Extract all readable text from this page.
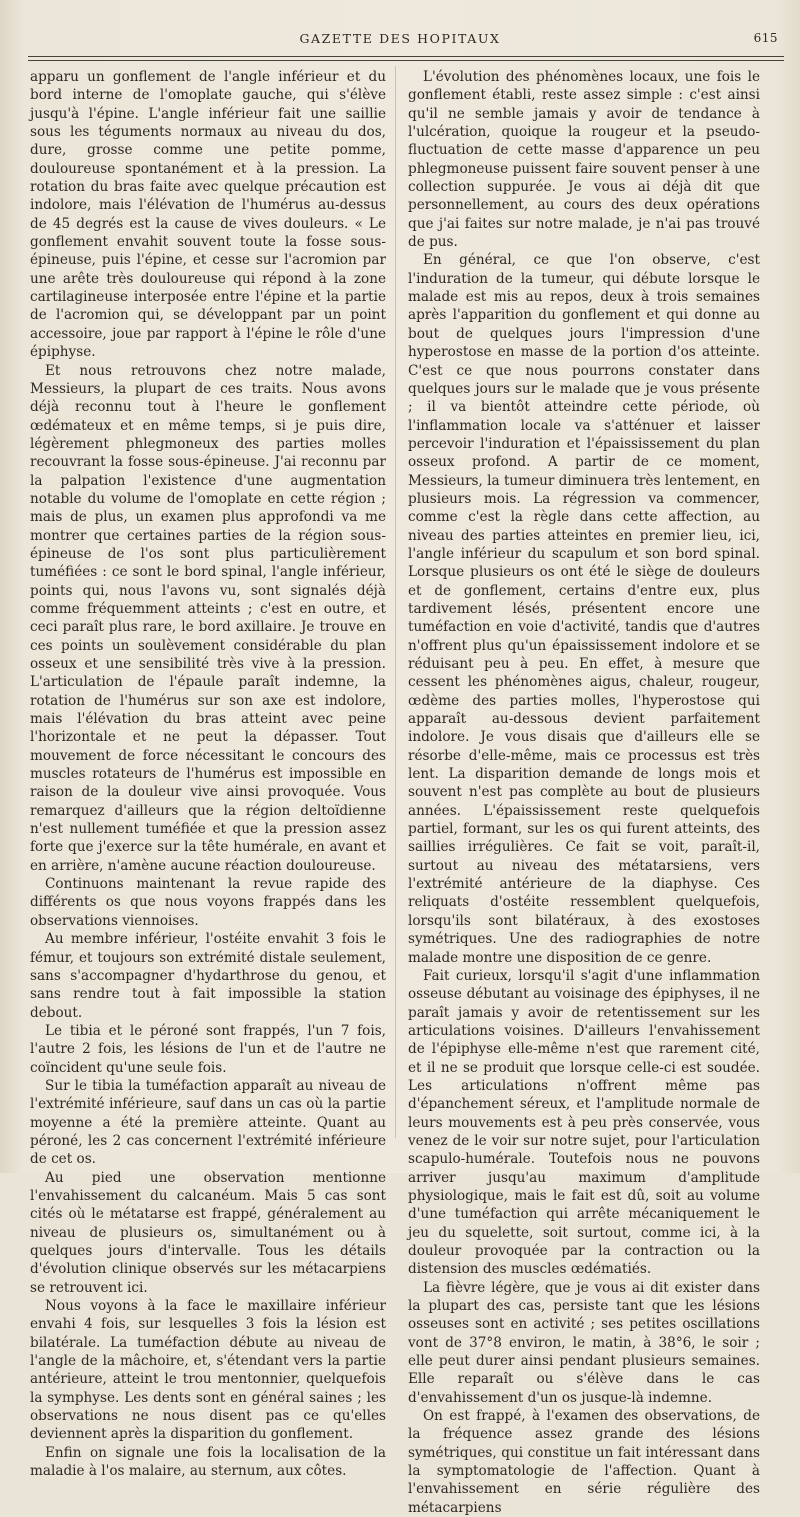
GAZETTE DES HOPITAUX	615

apparu un gonflement de l'angle inférieur et du bord interne de l'omoplate gauche, qui s'élève jusqu'à l'épine. L'angle inférieur fait une saillie sous les téguments normaux au niveau du dos, dure, grosse comme une petite pomme, douloureuse spontanément et à la pression. La rotation du bras faite avec quelque précaution est indolore, mais l'élévation de l'humérus au-dessus de 45 degrés est la cause de vives douleurs. « Le gonflement envahit souvent toute la fosse sous-épineuse, puis l'épine, et cesse sur l'acromion par une arête très douloureuse qui répond à la zone cartilagineuse interposée entre l'épine et la partie de l'acromion qui, se développant par un point accessoire, joue par rapport à l'épine le rôle d'une épiphyse.

Et nous retrouvons chez notre malade, Messieurs, la plupart de ces traits. Nous avons déjà reconnu tout à l'heure le gonflement œdémateux et en même temps, si je puis dire, légèrement phlegmoneux des parties molles recouvrant la fosse sous-épineuse. J'ai reconnu par la palpation l'existence d'une augmentation notable du volume de l'omoplate en cette région ; mais de plus, un examen plus approfondi va me montrer que certaines parties de la région sous-épineuse de l'os sont plus particulièrement tuméfiées : ce sont le bord spinal, l'angle inférieur, points qui, nous l'avons vu, sont signalés déjà comme fréquemment atteints ; c'est en outre, et ceci paraît plus rare, le bord axillaire. Je trouve en ces points un soulèvement considérable du plan osseux et une sensibilité très vive à la pression. L'articulation de l'épaule paraît indemne, la rotation de l'humérus sur son axe est indolore, mais l'élévation du bras atteint avec peine l'horizontale et ne peut la dépasser. Tout mouvement de force nécessitant le concours des muscles rotateurs de l'humérus est impossible en raison de la douleur vive ainsi provoquée. Vous remarquez d'ailleurs que la région deltoïdienne n'est nullement tuméfiée et que la pression assez forte que j'exerce sur la tête humérale, en avant et en arrière, n'amène aucune réaction douloureuse.

Continuons maintenant la revue rapide des différents os que nous voyons frappés dans les observations viennoises.

Au membre inférieur, l'ostéite envahit 3 fois le fémur, et toujours son extrémité distale seulement, sans s'accompagner d'hydarthrose du genou, et sans rendre tout à fait impossible la station debout.

Le tibia et le péroné sont frappés, l'un 7 fois, l'autre 2 fois, les lésions de l'un et de l'autre ne coïncident qu'une seule fois.

Sur le tibia la tuméfaction apparaît au niveau de l'extrémité inférieure, sauf dans un cas où la partie moyenne a été la première atteinte. Quant au péroné, les 2 cas concernent l'extrémité inférieure de cet os.

Au pied une observation mentionne l'envahissement du calcanéum. Mais 5 cas sont cités où le métatarse est frappé, généralement au niveau de plusieurs os, simultanément ou à quelques jours d'intervalle. Tous les détails d'évolution clinique observés sur les métacarpiens se retrouvent ici.

Nous voyons à la face le maxillaire inférieur envahi 4 fois, sur lesquelles 3 fois la lésion est bilatérale. La tuméfaction débute au niveau de l'angle de la mâchoire, et, s'étendant vers la partie antérieure, atteint le trou mentonnier, quelquefois la symphyse. Les dents sont en général saines ; les observations ne nous disent pas ce qu'elles deviennent après la disparition du gonflement.

Enfin on signale une fois la localisation de la maladie à l'os malaire, au sternum, aux côtes.

L'évolution des phénomènes locaux, une fois le gonflement établi, reste assez simple : c'est ainsi qu'il ne semble jamais y avoir de tendance à l'ulcération, quoique la rougeur et la pseudo-fluctuation de cette masse d'apparence un peu phlegmoneuse puissent faire souvent penser à une collection suppurée. Je vous ai déjà dit que personnellement, au cours des deux opérations que j'ai faites sur notre malade, je n'ai pas trouvé de pus.

En général, ce que l'on observe, c'est l'induration de la tumeur, qui débute lorsque le malade est mis au repos, deux à trois semaines après l'apparition du gonflement et qui donne au bout de quelques jours l'impression d'une hyperostose en masse de la portion d'os atteinte. C'est ce que nous pourrons constater dans quelques jours sur le malade que je vous présente ; il va bientôt atteindre cette période, où l'inflammation locale va s'atténuer et laisser percevoir l'induration et l'épaississement du plan osseux profond. A partir de ce moment, Messieurs, la tumeur diminuera très lentement, en plusieurs mois. La régression va commencer, comme c'est la règle dans cette affection, au niveau des parties atteintes en premier lieu, ici, l'angle inférieur du scapulum et son bord spinal. Lorsque plusieurs os ont été le siège de douleurs et de gonflement, certains d'entre eux, plus tardivement lésés, présentent encore une tuméfaction en voie d'activité, tandis que d'autres n'offrent plus qu'un épaississement indolore et se réduisant peu à peu. En effet, à mesure que cessent les phénomènes aigus, chaleur, rougeur, œdème des parties molles, l'hyperostose qui apparaît au-dessous devient parfaitement indolore. Je vous disais que d'ailleurs elle se résorbe d'elle-même, mais ce processus est très lent. La disparition demande de longs mois et souvent n'est pas complète au bout de plusieurs années. L'épaississement reste quelquefois partiel, formant, sur les os qui furent atteints, des saillies irrégulières. Ce fait se voit, paraît-il, surtout au niveau des métatarsiens, vers l'extrémité antérieure de la diaphyse. Ces reliquats d'ostéite ressemblent quelquefois, lorsqu'ils sont bilatéraux, à des exostoses symétriques. Une des radiographies de notre malade montre une disposition de ce genre.

Fait curieux, lorsqu'il s'agit d'une inflammation osseuse débutant au voisinage des épiphyses, il ne paraît jamais y avoir de retentissement sur les articulations voisines. D'ailleurs l'envahissement de l'épiphyse elle-même n'est que rarement cité, et il ne se produit que lorsque celle-ci est soudée. Les articulations n'offrent même pas d'épanchement séreux, et l'amplitude normale de leurs mouvements est à peu près conservée, vous venez de le voir sur notre sujet, pour l'articulation scapulo-humérale. Toutefois nous ne pouvons arriver jusqu'au maximum d'amplitude physiologique, mais le fait est dû, soit au volume d'une tuméfaction qui arrête mécaniquement le jeu du squelette, soit surtout, comme ici, à la douleur provoquée par la contraction ou la distension des muscles œdématiés.

La fièvre légère, que je vous ai dit exister dans la plupart des cas, persiste tant que les lésions osseuses sont en activité ; ses petites oscillations vont de 37°8 environ, le matin, à 38°6, le soir ; elle peut durer ainsi pendant plusieurs semaines. Elle reparaît ou s'élève dans le cas d'envahissement d'un os jusque-là indemne.

On est frappé, à l'examen des observations, de la fréquence assez grande des lésions symétriques, qui constitue un fait intéressant dans la symptomatologie de l'affection. Quant à l'envahissement en série régulière des métacarpiens
